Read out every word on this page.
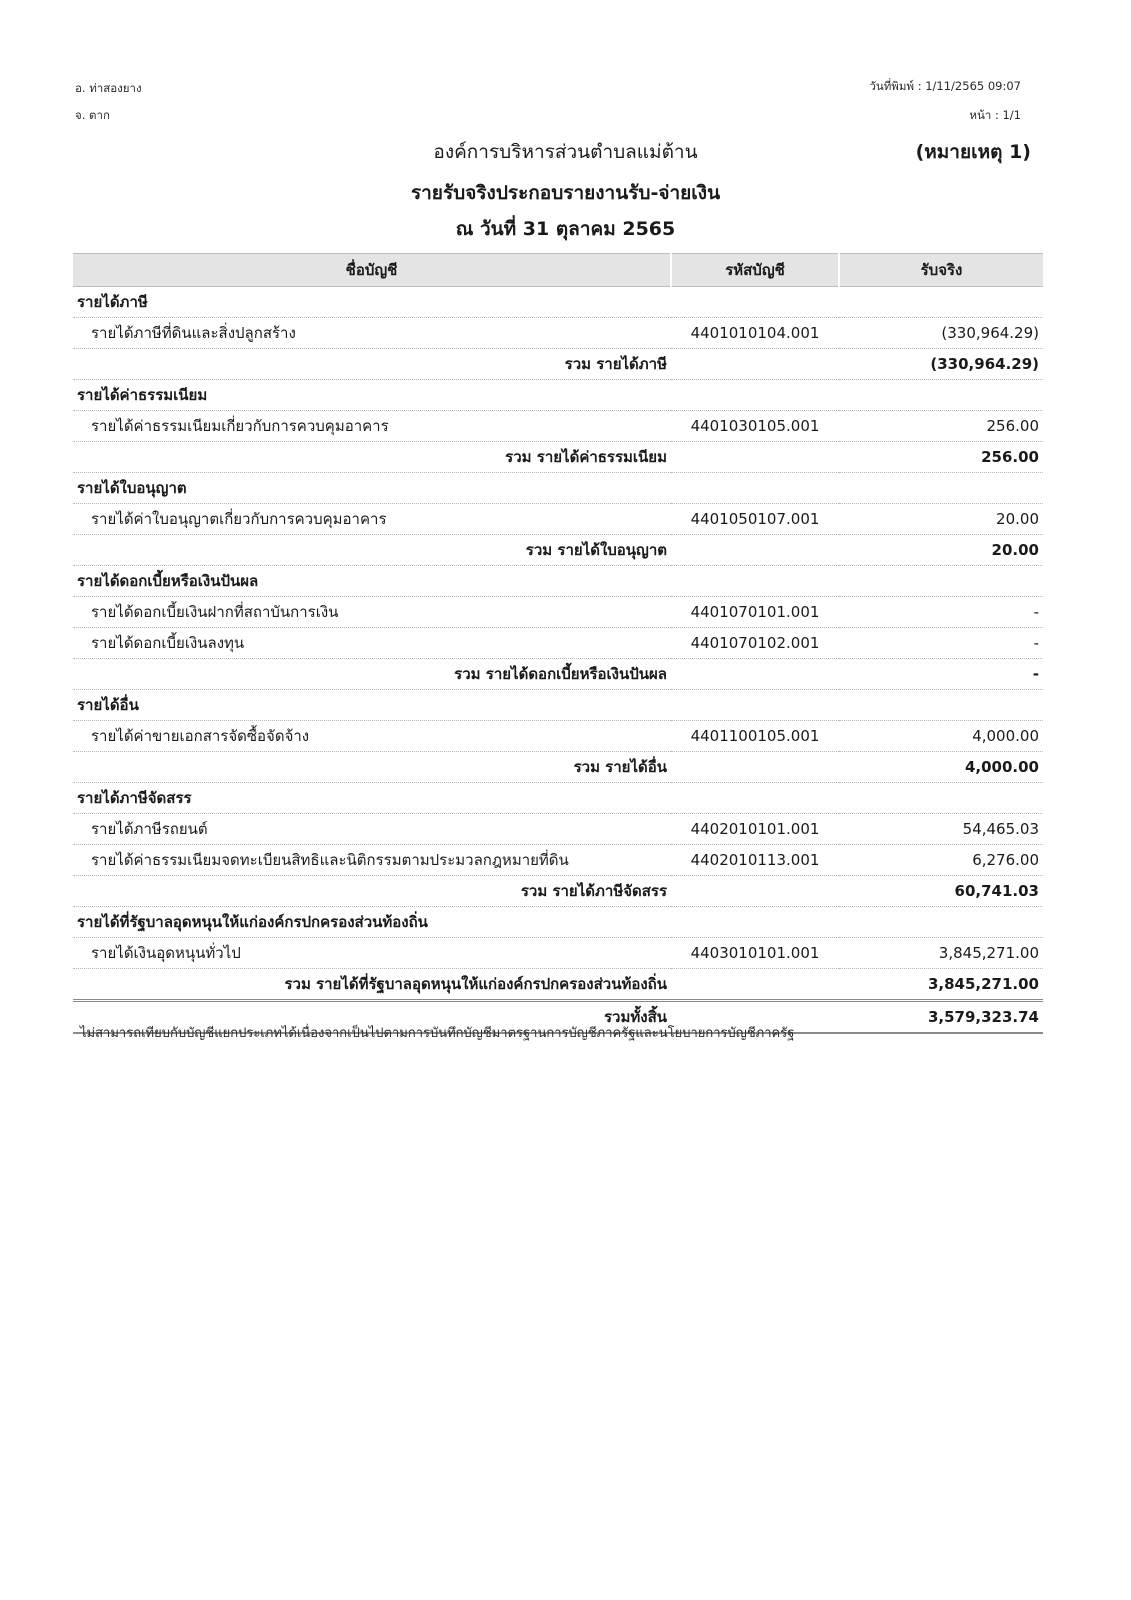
อ. ท่าสองยาง
จ. ตาก
วันที่พิมพ์ : 1/11/2565 09:07
หน้า : 1/1
องค์การบริหารส่วนตำบลแม่ต้าน	(หมายเหตุ 1)
รายรับจริงประกอบรายงานรับ-จ่ายเงิน
ณ วันที่ 31 ตุลาคม 2565
ชื่อบัญชี	รหัสบัญชี	รับจริง
รายได้ภาษี		
รายได้ภาษีที่ดินและสิ่งปลูกสร้าง	4401010104.001	(330,964.29)
รวม รายได้ภาษี		(330,964.29)
รายได้ค่าธรรมเนียม		
รายได้ค่าธรรมเนียมเกี่ยวกับการควบคุมอาคาร	4401030105.001	256.00
รวม รายได้ค่าธรรมเนียม		256.00
รายได้ใบอนุญาต		
รายได้ค่าใบอนุญาตเกี่ยวกับการควบคุมอาคาร	4401050107.001	20.00
รวม รายได้ใบอนุญาต		20.00
รายได้ดอกเบี้ยหรือเงินปันผล		
รายได้ดอกเบี้ยเงินฝากที่สถาบันการเงิน	4401070101.001	-
รายได้ดอกเบี้ยเงินลงทุน	4401070102.001	-
รวม รายได้ดอกเบี้ยหรือเงินปันผล		-
รายได้อื่น		
รายได้ค่าขายเอกสารจัดซื้อจัดจ้าง	4401100105.001	4,000.00
รวม รายได้อื่น		4,000.00
รายได้ภาษีจัดสรร		
รายได้ภาษีรถยนต์	4402010101.001	54,465.03
รายได้ค่าธรรมเนียมจดทะเบียนสิทธิและนิติกรรมตามประมวลกฎหมายที่ดิน	4402010113.001	6,276.00
รวม รายได้ภาษีจัดสรร		60,741.03
รายได้ที่รัฐบาลอุดหนุนให้แก่องค์กรปกครองส่วนท้องถิ่น		
รายได้เงินอุดหนุนทั่วไป	4403010101.001	3,845,271.00
รวม รายได้ที่รัฐบาลอุดหนุนให้แก่องค์กรปกครองส่วนท้องถิ่น		3,845,271.00
รวมทั้งสิ้น		3,579,323.74
ไม่สามารถเทียบกับบัญชีแยกประเภทได้เนื่องจากเป็นไปตามการบันทึกบัญชีมาตรฐานการบัญชีภาครัฐและนโยบายการบัญชีภาครัฐ
